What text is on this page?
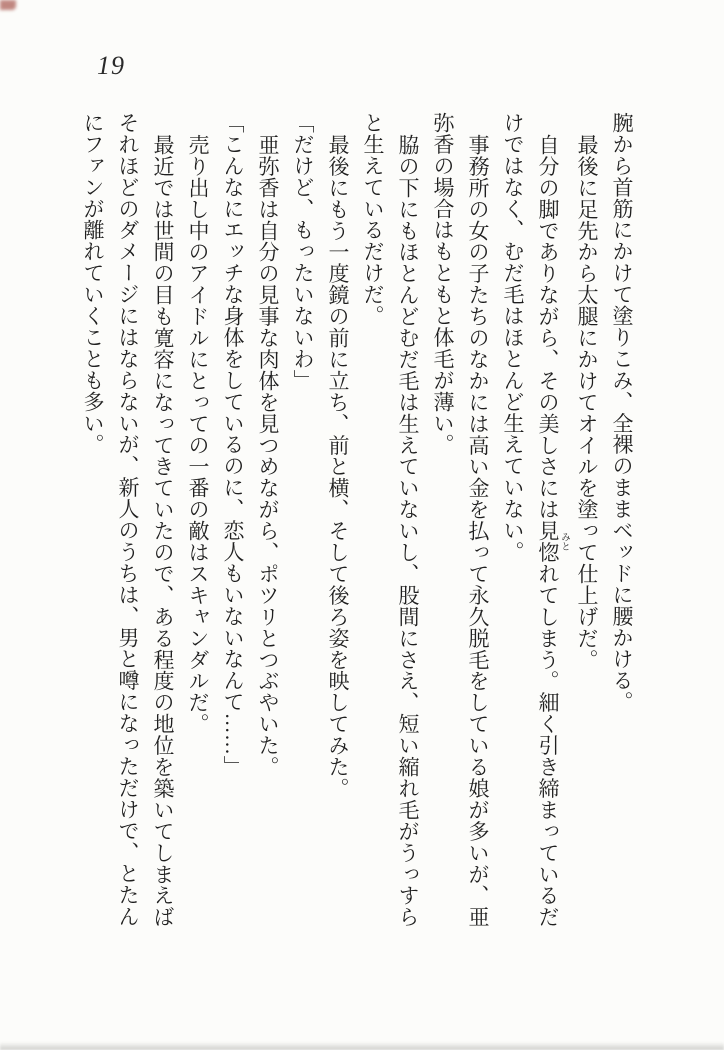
19
腕から首筋にかけて塗りこみ、全裸のままベッドに腰かける。
最後に足先から太腿にかけてオイルを塗って仕上げだ。
自分の脚でありながら、その美しさには見惚 みとれてしまう。細く引き締まっているだ
けではなく、むだ毛はほとんど生えていない。
事務所の女の子たちのなかには高い金を払って永久脱毛をしている娘が多いが、亜
弥香の場合はもともと体毛が薄い。
脇の下にもほとんどむだ毛は生えていないし、股間にさえ、短い縮れ毛がうっすら
と生えているだけだ。
最後にもう一度鏡の前に立ち、前と横、そして後ろ姿を映してみた。
「だけど、もったいないわ」
亜弥香は自分の見事な肉体を見つめながら、ポツリとつぶやいた。
「こんなにエッチな身体をしているのに、恋人もいないなんて……」
売り出し中のアイドルにとっての一番の敵はスキャンダルだ。
最近では世間の目も寛容になってきていたので、ある程度の地位を築いてしまえば
それほどのダメージにはならないが、新人のうちは、男と噂になっただけで、とたん
にファンが離れていくことも多い。
